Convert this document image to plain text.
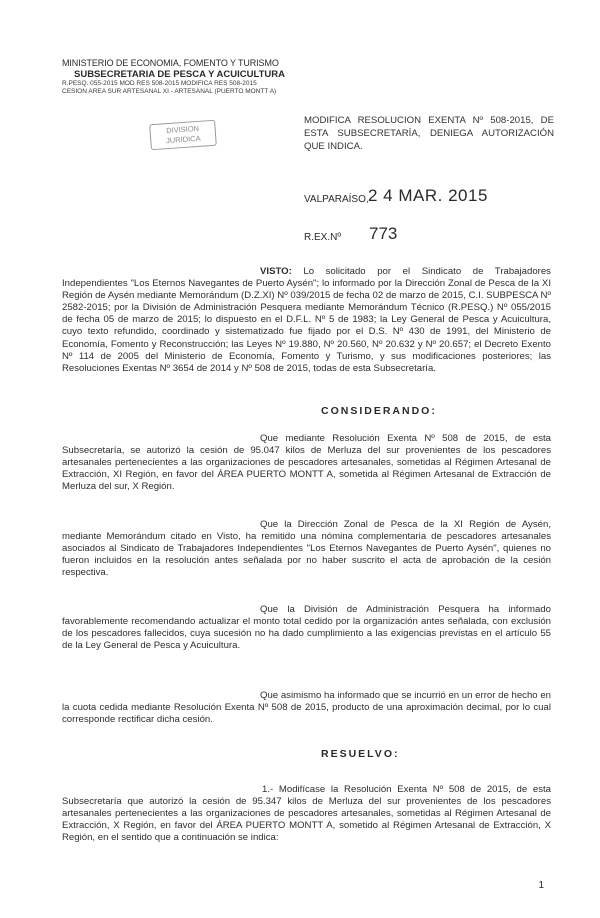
MINISTERIO DE ECONOMIA, FOMENTO Y TURISMO
SUBSECRETARIA DE PESCA Y ACUICULTURA
R.PESQ. 055-2015 MOD RES 508-2015 MODIFICA RES 508-2015
CESION AREA SUR ARTESANAL XI - ARTESANAL (PUERTO MONTT A)
DIVISION
JURIDICA
MODIFICA RESOLUCION EXENTA Nº 508-2015, DE ESTA SUBSECRETARÍA, DENIEGA AUTORIZACIÓN QUE INDICA.
VALPARAÍSO, 2 4 MAR. 2015
R.EX.Nº 773
VISTO: Lo solicitado por el Sindicato de Trabajadores Independientes "Los Eternos Navegantes de Puerto Aysén"; lo informado por la Dirección Zonal de Pesca de la XI Región de Aysén mediante Memorándum (D.Z.XI) Nº 039/2015 de fecha 02 de marzo de 2015, C.I. SUBPESCA Nº 2582-2015; por la División de Administración Pesquera mediante Memorándum Técnico (R.PESQ.) Nº 055/2015 de fecha 05 de marzo de 2015; lo dispuesto en el D.F.L. Nº 5 de 1983; la Ley General de Pesca y Acuicultura, cuyo texto refundido, coordinado y sistematizado fue fijado por el D.S. Nº 430 de 1991, del Ministerio de Economía, Fomento y Reconstrucción; las Leyes Nº 19.880, Nº 20.560, Nº 20.632 y Nº 20.657; el Decreto Exento Nº 114 de 2005 del Ministerio de Economía, Fomento y Turismo, y sus modificaciones posteriores; las Resoluciones Exentas Nº 3654 de 2014 y Nº 508 de 2015, todas de esta Subsecretaría.
CONSIDERANDO:
Que mediante Resolución Exenta Nº 508 de 2015, de esta Subsecretaría, se autorizó la cesión de 95.047 kilos de Merluza del sur provenientes de los pescadores artesanales pertenecientes a las organizaciones de pescadores artesanales, sometidas al Régimen Artesanal de Extracción, XI Región, en favor del ÁREA PUERTO MONTT A, sometida al Régimen Artesanal de Extracción de Merluza del sur, X Región.
Que la Dirección Zonal de Pesca de la XI Región de Aysén, mediante Memorándum citado en Visto, ha remitido una nómina complementaria de pescadores artesanales asociados al Sindicato de Trabajadores Independientes "Los Eternos Navegantes de Puerto Aysén", quienes no fueron incluidos en la resolución antes señalada por no haber suscrito el acta de aprobación de la cesión respectiva.
Que la División de Administración Pesquera ha informado favorablemente recomendando actualizar el monto total cedido por la organización antes señalada, con exclusión de los pescadores fallecidos, cuya sucesión no ha dado cumplimiento a las exigencias previstas en el artículo 55 de la Ley General de Pesca y Acuicultura.
Que asimismo ha informado que se incurrió en un error de hecho en la cuota cedida mediante Resolución Exenta Nº 508 de 2015, producto de una aproximación decimal, por lo cual corresponde rectificar dicha cesión.
RESUELVO:
1.- Modifícase la Resolución Exenta Nº 508 de 2015, de esta Subsecretaría que autorizó la cesión de 95.347 kilos de Merluza del sur provenientes de los pescadores artesanales pertenecientes a las organizaciones de pescadores artesanales, sometidas al Régimen Artesanal de Extracción, X Región, en favor del ÁREA PUERTO MONTT A, sometido al Régimen Artesanal de Extracción, X Región, en el sentido que a continuación se indica:
1
